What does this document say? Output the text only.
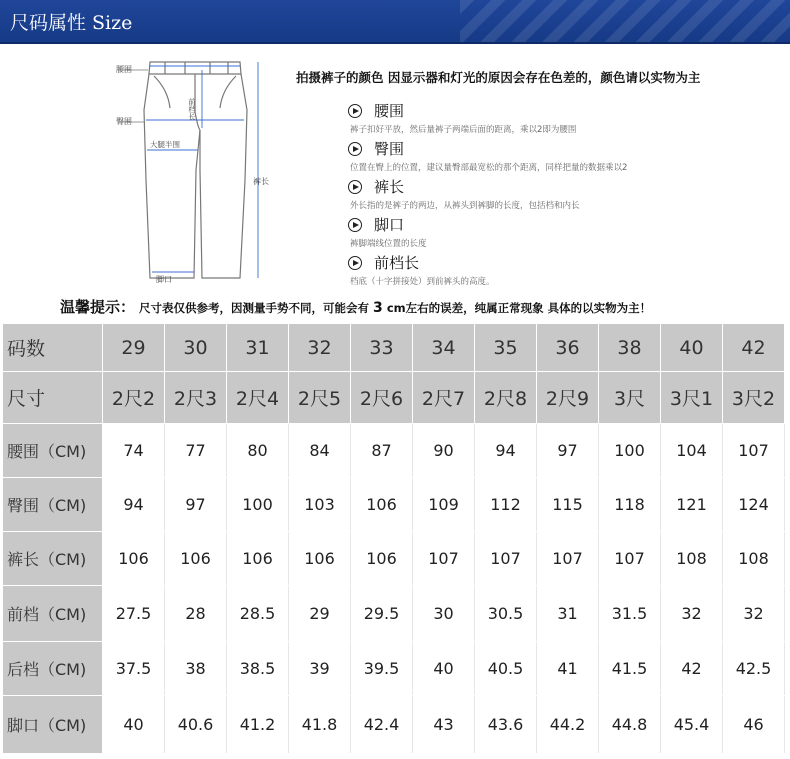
尺码属性 Size
腰围
臀围
前档长
大腿半围
裤长
脚口
拍摄裤子的颜色 因显示器和灯光的原因会存在色差的，颜色请以实物为主
腰围
裤子扣好平放，然后量裤子两端后面的距离，乘以2即为腰围
臀围
位置在臀上的位置，建议量臀部最宽松的那个距离，同样把量的数据乘以2
裤长
外长指的是裤子的两边，从裤头到裤脚的长度，包括档和内长
脚口
裤脚端线位置的长度
前档长
档底（十字拼接处）到前裤头的高度。
温馨提示： 尺寸表仅供参考，因测量手势不同，可能会有 3 cm左右的误差，纯属正常现象 具体的以实物为主！
码数	29	30	31	32	33	34	35	36	38	40	42
尺寸	2尺2	2尺3	2尺4	2尺5	2尺6	2尺7	2尺8	2尺9	3尺	3尺1	3尺2
腰围（CM)	74	77	80	84	87	90	94	97	100	104	107
臀围（CM)	94	97	100	103	106	109	112	115	118	121	124
裤长（CM)	106	106	106	106	106	107	107	107	107	108	108
前档（CM)	27.5	28	28.5	29	29.5	30	30.5	31	31.5	32	32
后档（CM)	37.5	38	38.5	39	39.5	40	40.5	41	41.5	42	42.5
脚口（CM)	40	40.6	41.2	41.8	42.4	43	43.6	44.2	44.8	45.4	46
